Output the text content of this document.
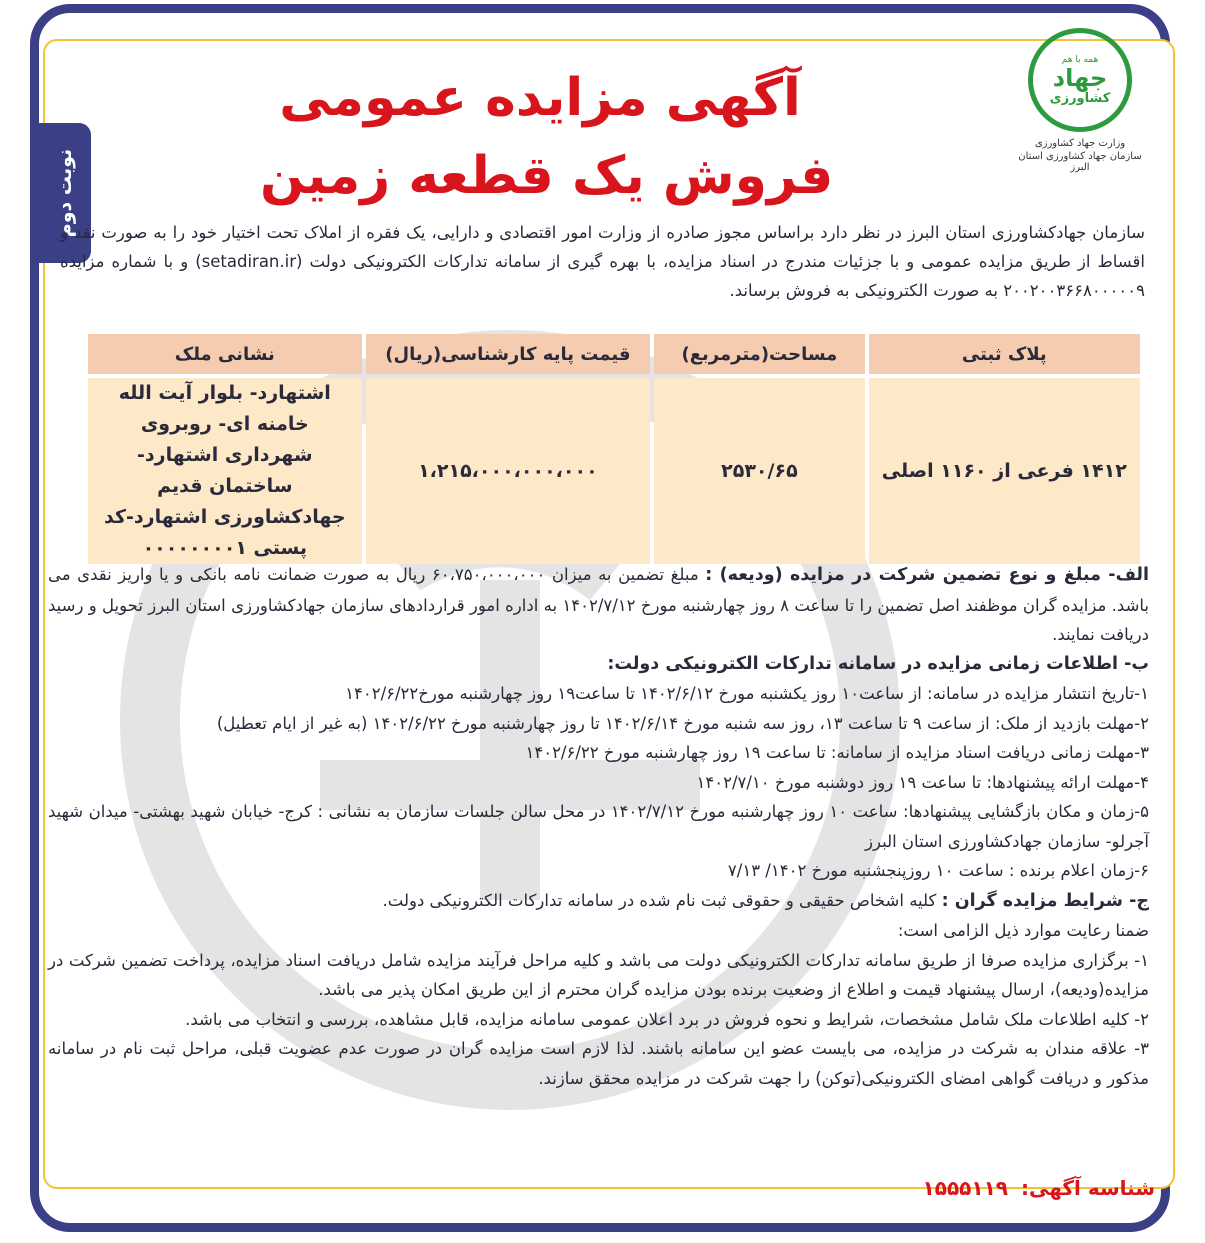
نوبت دوم
همه با هم
جهاد
کشاورزی
وزارت جهاد کشاورزی
سازمان جهاد کشاورزی استان البرز
آگهی مزایده عمومی
فروش یک قطعه زمین
سازمان جهادکشاورزی استان البرز در نظر دارد براساس مجوز صادره از وزارت امور اقتصادی و دارایی، یک فقره از املاک تحت اختیار خود را به صورت نقد و اقساط از طریق مزایده عمومی و با جزئیات مندرج در اسناد مزایده، با بهره گیری از سامانه تدارکات الکترونیکی دولت (setadiran.ir) و با شماره مزایده ۲۰۰۲۰۰۳۶۶۸۰۰۰۰۰۹ به صورت الکترونیکی به فروش برساند.
پلاک ثبتی	مساحت(مترمربع)	قیمت پایه کارشناسی(ریال)	نشانی ملک
۱۴۱۲ فرعی از ۱۱۶۰ اصلی	۲۵۳۰/۶۵	۱،۲۱۵،۰۰۰،۰۰۰،۰۰۰	اشتهارد- بلوار آیت الله خامنه ای- روبروی شهرداری اشتهارد-ساختمان قدیم جهادکشاورزی اشتهارد-کد پستی ۰۰۰۰۰۰۰۰۱

الف- مبلغ و نوع تضمین شرکت در مزایده (ودیعه) : مبلغ تضمین به میزان ۶۰،۷۵۰،۰۰۰،۰۰۰ ریال به صورت ضمانت نامه بانکی و یا واریز نقدی می باشد. مزایده گران موظفند اصل تضمین را تا ساعت ۸ روز چهارشنبه مورخ ۱۴۰۲/۷/۱۲ به اداره امور قراردادهای سازمان جهادکشاورزی استان البرز تحویل و رسید دریافت نمایند.

ب- اطلاعات زمانی مزایده در سامانه تدارکات الکترونیکی دولت:

۱-تاریخ انتشار مزایده در سامانه: از ساعت۱۰ روز یکشنبه مورخ ۱۴۰۲/۶/۱۲ تا ساعت۱۹ روز چهارشنبه مورخ۱۴۰۲/۶/۲۲

۲-مهلت بازدید از ملک: از ساعت ۹ تا ساعت ۱۳، روز سه شنبه مورخ ۱۴۰۲/۶/۱۴ تا روز چهارشنبه مورخ ۱۴۰۲/۶/۲۲ (به غیر از ایام تعطیل)

۳-مهلت زمانی دریافت اسناد مزایده از سامانه: تا ساعت ۱۹ روز چهارشنبه مورخ ۱۴۰۲/۶/۲۲

۴-مهلت ارائه پیشنهادها: تا ساعت ۱۹ روز دوشنبه مورخ ۱۴۰۲/۷/۱۰

۵-زمان و مکان بازگشایی پیشنهادها: ساعت ۱۰ روز چهارشنبه مورخ ۱۴۰۲/۷/۱۲ در محل سالن جلسات سازمان به نشانی : کرج- خیابان شهید بهشتی- میدان شهید آجرلو- سازمان جهادکشاورزی استان البرز

۶-زمان اعلام برنده : ساعت ۱۰ روزپنجشنبه مورخ ۱۴۰۲/ ۷/۱۳

ج- شرایط مزایده گران : کلیه اشخاص حقیقی و حقوقی ثبت نام شده در سامانه تدارکات الکترونیکی دولت.

ضمنا رعایت موارد ذیل الزامی است:

۱- برگزاری مزایده صرفا از طریق سامانه تدارکات الکترونیکی دولت می باشد و کلیه مراحل فرآیند مزایده شامل دریافت اسناد مزایده، پرداخت تضمین شرکت در مزایده(ودیعه)، ارسال پیشنهاد قیمت و اطلاع از وضعیت برنده بودن مزایده گران محترم از این طریق امکان پذیر می باشد.

۲- کلیه اطلاعات ملک شامل مشخصات، شرایط و نحوه فروش در برد اعلان عمومی سامانه مزایده، قابل مشاهده، بررسی و انتخاب می باشد.

۳- علاقه مندان به شرکت در مزایده، می بایست عضو این سامانه باشند. لذا لازم است مزایده گران در صورت عدم عضویت قبلی، مراحل ثبت نام در سامانه مذکور و دریافت گواهی امضای الکترونیکی(توکن) را جهت شرکت در مزایده محقق سازند.

شناسه آگهی: ۱۵۵۵۱۱۹
